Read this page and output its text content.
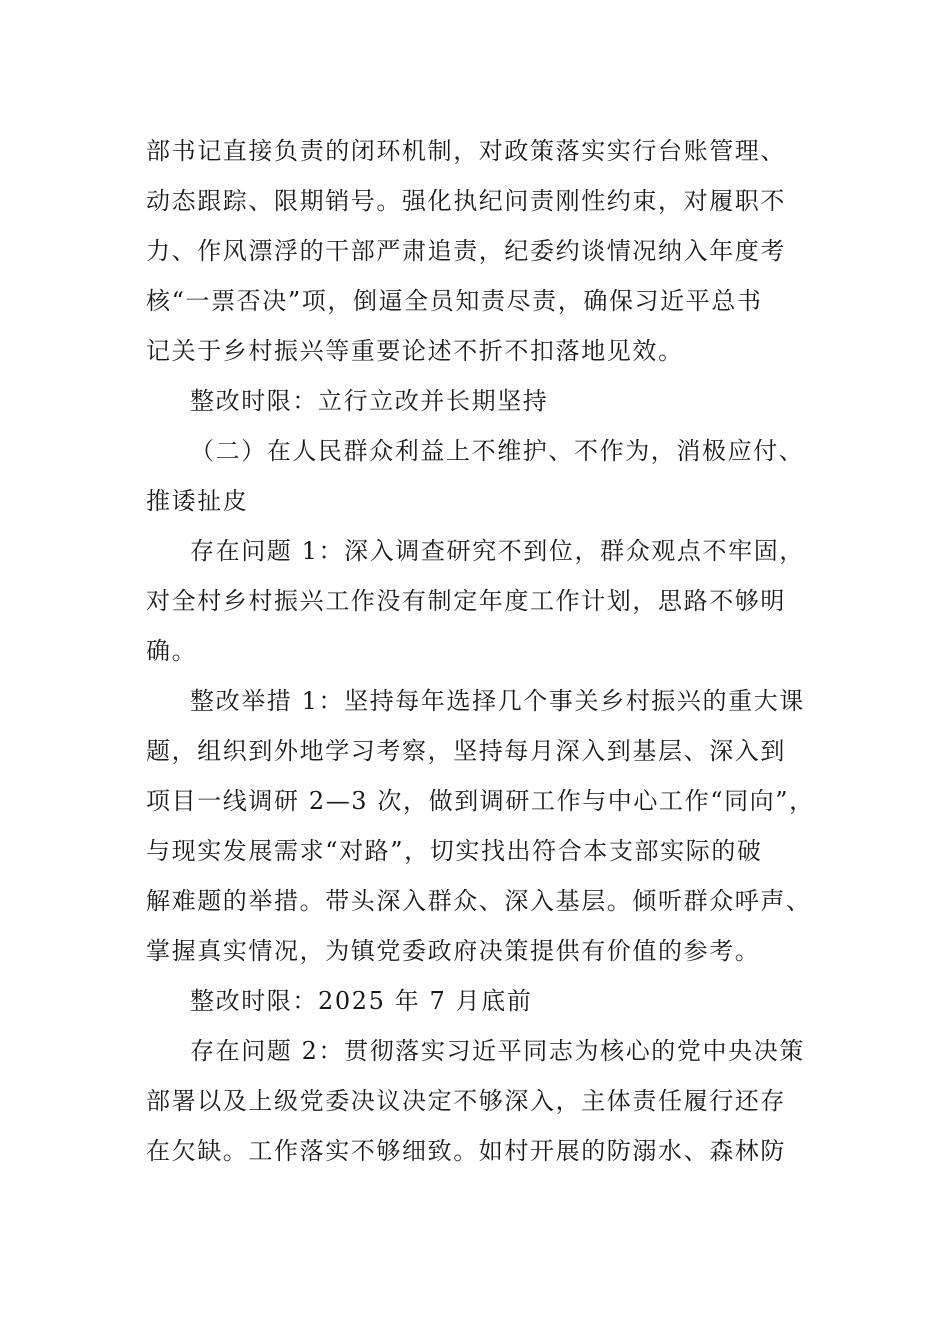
部书记直接负责的闭环机制，对政策落实实行台账管理、
动态跟踪、限期销号。强化执纪问责刚性约束，对履职不
力、作风漂浮的干部严肃追责，纪委约谈情况纳入年度考
核“一票否决”项，倒逼全员知责尽责，确保习近平总书
记关于乡村振兴等重要论述不折不扣落地见效。
整改时限：立行立改并长期坚持
（二）在人民群众利益上不维护、不作为，消极应付、
推诿扯皮
存在问题 1：深入调查研究不到位，群众观点不牢固，
对全村乡村振兴工作没有制定年度工作计划，思路不够明
确。
整改举措 1：坚持每年选择几个事关乡村振兴的重大课
题，组织到外地学习考察，坚持每月深入到基层、深入到
项目一线调研 2—3 次，做到调研工作与中心工作“同向”，
与现实发展需求“对路”，切实找出符合本支部实际的破
解难题的举措。带头深入群众、深入基层。倾听群众呼声、
掌握真实情况，为镇党委政府决策提供有价值的参考。
整改时限：2025 年 7 月底前
存在问题 2：贯彻落实习近平同志为核心的党中央决策
部署以及上级党委决议决定不够深入，主体责任履行还存
在欠缺。工作落实不够细致。如村开展的防溺水、森林防
